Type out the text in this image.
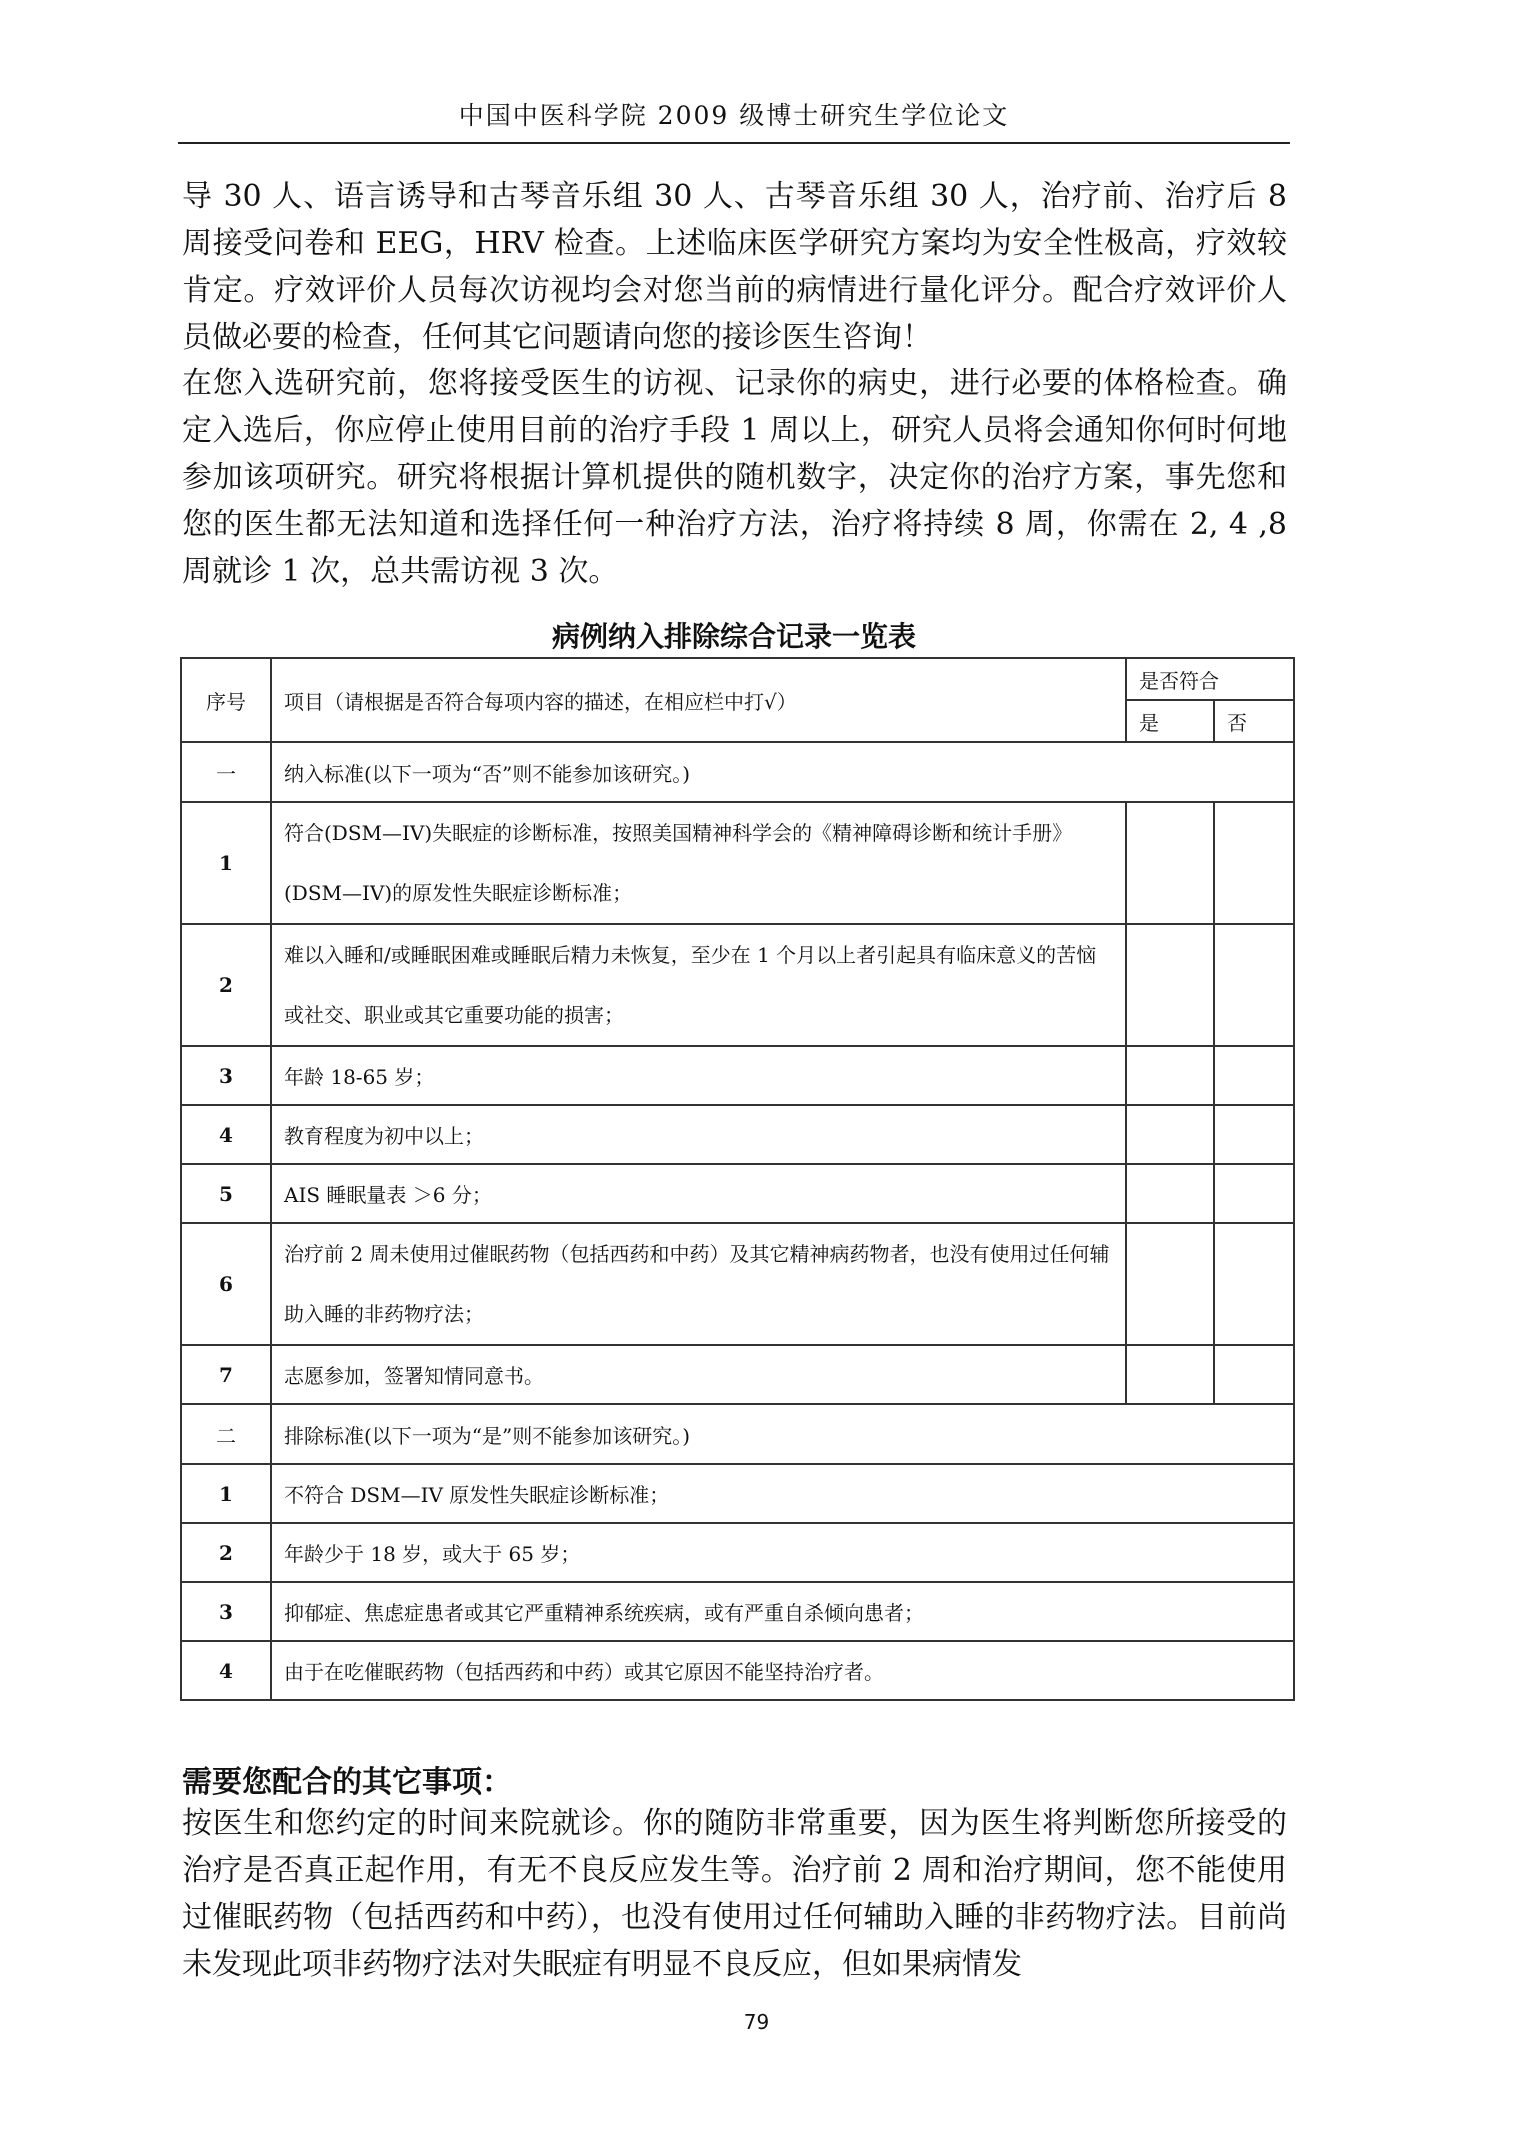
中国中医科学院 2009 级博士研究生学位论文

导 30 人、语言诱导和古琴音乐组 30 人、古琴音乐组 30 人，治疗前、治疗后 8 周接受问卷和 EEG，HRV 检查。上述临床医学研究方案均为安全性极高，疗效较肯定。疗效评价人员每次访视均会对您当前的病情进行量化评分。配合疗效评价人员做必要的检查，任何其它问题请向您的接诊医生咨询！

在您入选研究前，您将接受医生的访视、记录你的病史，进行必要的体格检查。确定入选后，你应停止使用目前的治疗手段 1 周以上，研究人员将会通知你何时何地参加该项研究。研究将根据计算机提供的随机数字，决定你的治疗方案，事先您和您的医生都无法知道和选择任何一种治疗方法，治疗将持续 8 周，你需在 2, 4 ,8 周就诊 1 次，总共需访视 3 次。

病例纳入排除综合记录一览表
序号	项目（请根据是否符合每项内容的描述，在相应栏中打√）	是否符合	
		是	否
一	纳入标准(以下一项为“否”则不能参加该研究。)		
1	符合(DSM—IV)失眠症的诊断标准，按照美国精神科学会的《精神障碍诊断和统计手册》(DSM—IV)的原发性失眠症诊断标准；		
2	难以入睡和/或睡眠困难或睡眠后精力未恢复，至少在 1 个月以上者引起具有临床意义的苦恼或社交、职业或其它重要功能的损害；		
3	年龄 18-65 岁；		
4	教育程度为初中以上；		
5	AIS 睡眠量表 ＞6 分；		
6	治疗前 2 周未使用过催眠药物（包括西药和中药）及其它精神病药物者，也没有使用过任何辅助入睡的非药物疗法；		
7	志愿参加，签署知情同意书。		
二	排除标准(以下一项为“是”则不能参加该研究。)		
1	不符合 DSM—IV 原发性失眠症诊断标准；		
2	年龄少于 18 岁，或大于 65 岁；		
3	抑郁症、焦虑症患者或其它严重精神系统疾病，或有严重自杀倾向患者；		
4	由于在吃催眠药物（包括西药和中药）或其它原因不能坚持治疗者。		
需要您配合的其它事项：

按医生和您约定的时间来院就诊。你的随防非常重要，因为医生将判断您所接受的治疗是否真正起作用，有无不良反应发生等。治疗前 2 周和治疗期间，您不能使用过催眠药物（包括西药和中药），也没有使用过任何辅助入睡的非药物疗法。目前尚未发现此项非药物疗法对失眠症有明显不良反应，但如果病情发

79
